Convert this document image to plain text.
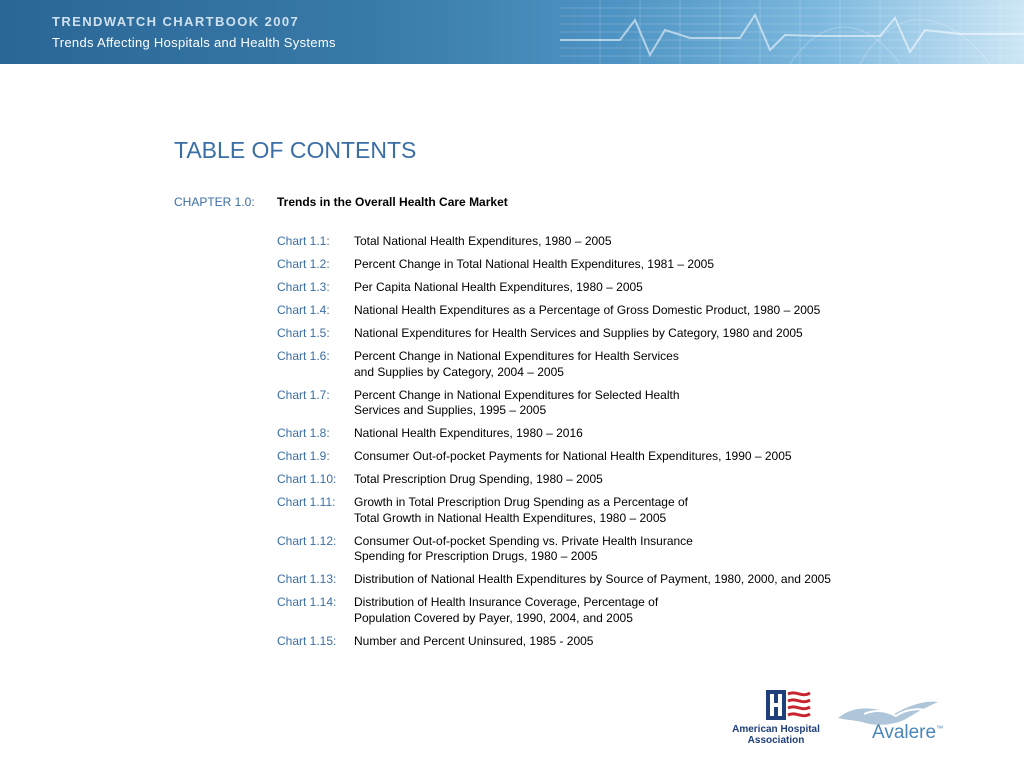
TRENDWATCH CHARTBOOK 2007
Trends Affecting Hospitals and Health Systems
TABLE OF CONTENTS
CHAPTER 1.0: Trends in the Overall Health Care Market
Chart 1.1:	Total National Health Expenditures, 1980 – 2005
Chart 1.2:	Percent Change in Total National Health Expenditures, 1981 – 2005
Chart 1.3:	Per Capita National Health Expenditures, 1980 – 2005
Chart 1.4:	National Health Expenditures as a Percentage of Gross Domestic Product, 1980 – 2005
Chart 1.5:	National Expenditures for Health Services and Supplies by Category, 1980 and 2005
Chart 1.6:	Percent Change in National Expenditures for Health Services
and Supplies by Category, 2004 – 2005
Chart 1.7:	Percent Change in National Expenditures for Selected Health
Services and Supplies, 1995 – 2005
Chart 1.8:	National Health Expenditures, 1980 – 2016
Chart 1.9:	Consumer Out-of-pocket Payments for National Health Expenditures, 1990 – 2005
Chart 1.10:	Total Prescription Drug Spending, 1980 – 2005
Chart 1.11:	Growth in Total Prescription Drug Spending as a Percentage of
Total Growth in National Health Expenditures, 1980 – 2005
Chart 1.12:	Consumer Out-of-pocket Spending vs. Private Health Insurance
Spending for Prescription Drugs, 1980 – 2005
Chart 1.13:	Distribution of National Health Expenditures by Source of Payment, 1980, 2000, and 2005
Chart 1.14:	Distribution of Health Insurance Coverage, Percentage of
Population Covered by Payer, 1990, 2004, and 2005
Chart 1.15:	Number and Percent Uninsured, 1985 - 2005
American Hospital
Association	Avalere™
